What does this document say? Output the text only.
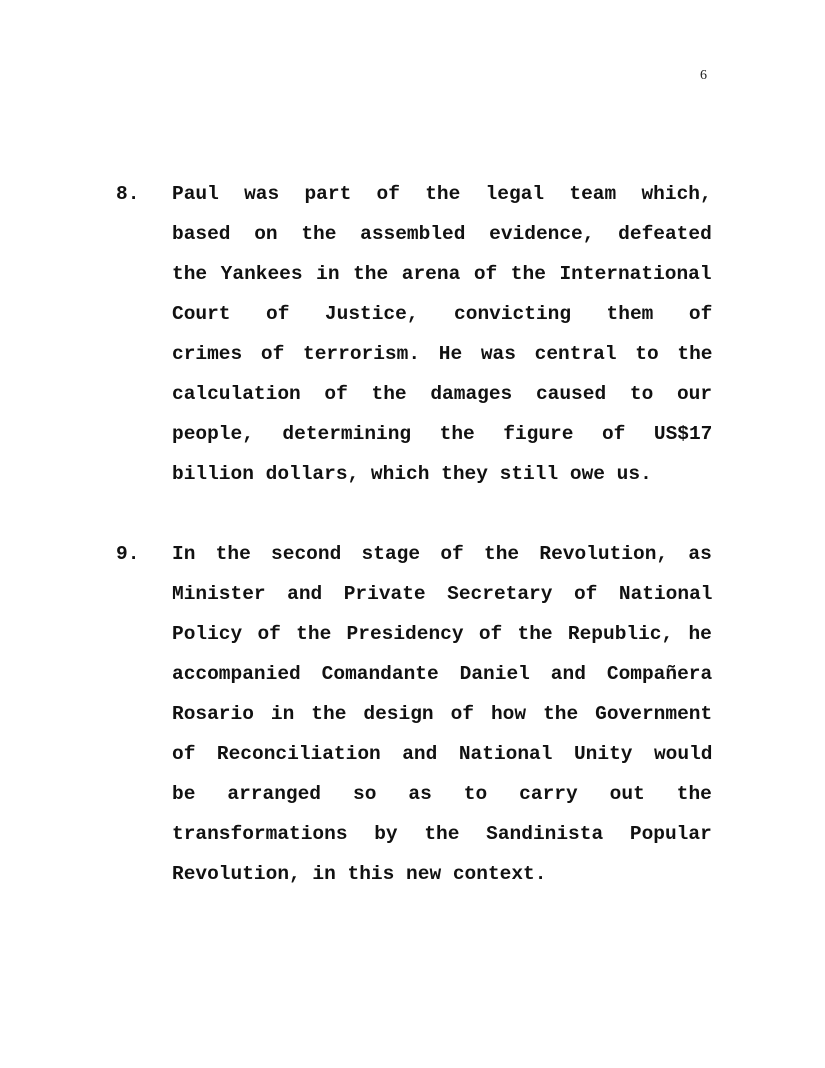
6
8. Paul was part of the legal team which,
based on the assembled evidence, defeated
the Yankees in the arena of the International
Court of Justice, convicting them of
crimes of terrorism. He was central to the
calculation of the damages caused to our
people, determining the figure of US$17
billion dollars, which they still owe us.
9. In the second stage of the Revolution, as
Minister and Private Secretary of National
Policy of the Presidency of the Republic, he
accompanied Comandante Daniel and Compañera
Rosario in the design of how the Government
of Reconciliation and National Unity would
be arranged so as to carry out the
transformations by the Sandinista Popular
Revolution, in this new context.
